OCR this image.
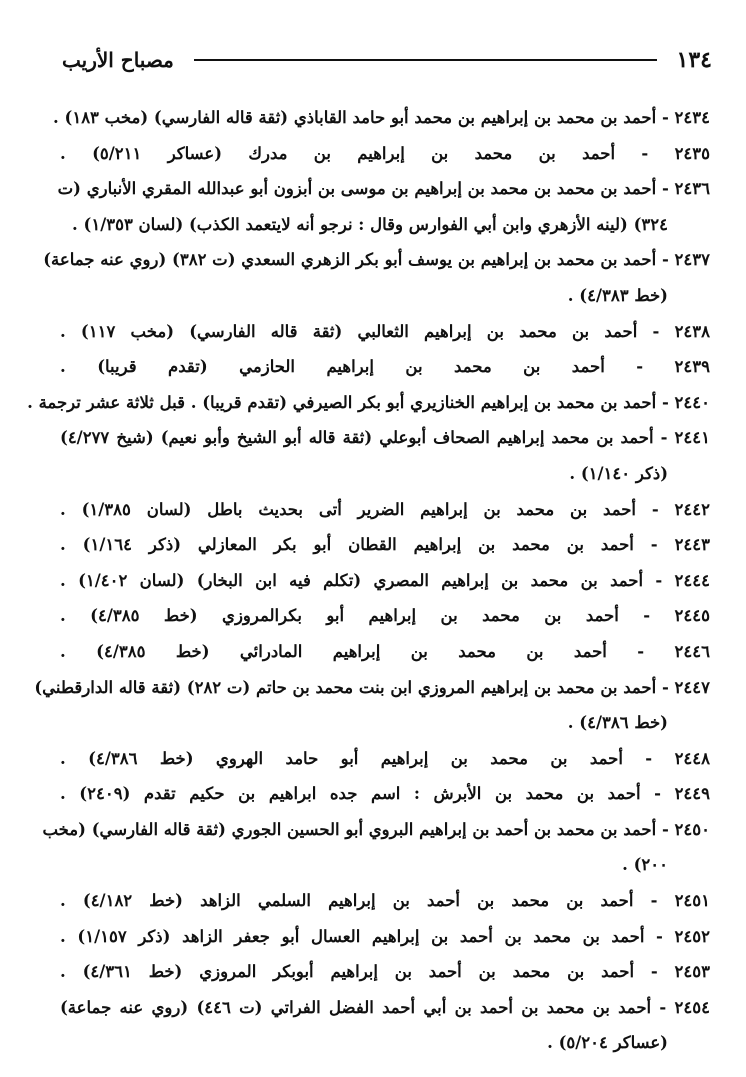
١٣٤
مصباح الأريب
٢٤٣٤ - أحمد بن محمد بن إبراهيم بن محمد أبو حامد القاباذي (ثقة قاله الفارسي) (مخب ١٨٣) .
٢٤٣٥ - أحمد بن محمد بن إبراهيم بن مدرك (عساكر ٥/٢١١) .
٢٤٣٦ - أحمد بن محمد بن محمد بن إبراهيم بن موسى بن أبزون أبو عبدالله المقري الأنباري (ت
٣٢٤) (لينه الأزهري وابن أبي الفوارس وقال : نرجو أنه لايتعمد الكذب) (لسان ١/٣٥٣) .
٢٤٣٧ - أحمد بن محمد بن إبراهيم بن يوسف أبو بكر الزهري السعدي (ت ٣٨٢) (روي عنه جماعة)
(خط ٤/٣٨٣) .
٢٤٣٨ - أحمد بن محمد بن إبراهيم الثعالبي (ثقة قاله الفارسي) (مخب ١١٧) .
٢٤٣٩ - أحمد بن محمد بن إبراهيم الحازمي (تقدم قريبا) .
٢٤٤٠ - أحمد بن محمد بن إبراهيم الخنازيري أبو بكر الصيرفي (تقدم قريبا) . قبل ثلاثة عشر ترجمة .
٢٤٤١ - أحمد بن محمد إبراهيم الصحاف أبوعلي (ثقة قاله أبو الشيخ وأبو نعيم) (شيخ ٤/٢٧٧)
(ذكر ١/١٤٠) .
٢٤٤٢ - أحمد بن محمد بن إبراهيم الضرير أتى بحديث باطل (لسان ١/٣٨٥) .
٢٤٤٣ - أحمد بن محمد بن إبراهيم القطان أبو بكر المعازلي (ذكر ١/١٦٤) .
٢٤٤٤ - أحمد بن محمد بن إبراهيم المصري (تكلم فيه ابن البخار) (لسان ١/٤٠٢) .
٢٤٤٥ - أحمد بن محمد بن إبراهيم أبو بكرالمروزي (خط ٤/٣٨٥) .
٢٤٤٦ - أحمد بن محمد بن إبراهيم المادرائي (خط ٤/٣٨٥) .
٢٤٤٧ - أحمد بن محمد بن إبراهيم المروزي ابن بنت محمد بن حاتم (ت ٢٨٢) (ثقة قاله الدارقطني)
(خط ٤/٣٨٦) .
٢٤٤٨ - أحمد بن محمد بن إبراهيم أبو حامد الهروي (خط ٤/٣٨٦) .
٢٤٤٩ - أحمد بن محمد بن الأبرش : اسم جده ابراهيم بن حكيم تقدم (٢٤٠٩) .
٢٤٥٠ - أحمد بن محمد بن أحمد بن إبراهيم البروي أبو الحسين الجوري (ثقة قاله الفارسي) (مخب
٢٠٠) .
٢٤٥١ - أحمد بن محمد بن أحمد بن إبراهيم السلمي الزاهد (خط ٤/١٨٢) .
٢٤٥٢ - أحمد بن محمد بن أحمد بن إبراهيم العسال أبو جعفر الزاهد (ذكر ١/١٥٧) .
٢٤٥٣ - أحمد بن محمد بن أحمد بن إبراهيم أبوبكر المروزي (خط ٤/٣٦١) .
٢٤٥٤ - أحمد بن محمد بن أحمد بن أبي أحمد الفضل الفراتي (ت ٤٤٦) (روي عنه جماعة)
(عساكر ٥/٢٠٤) .
